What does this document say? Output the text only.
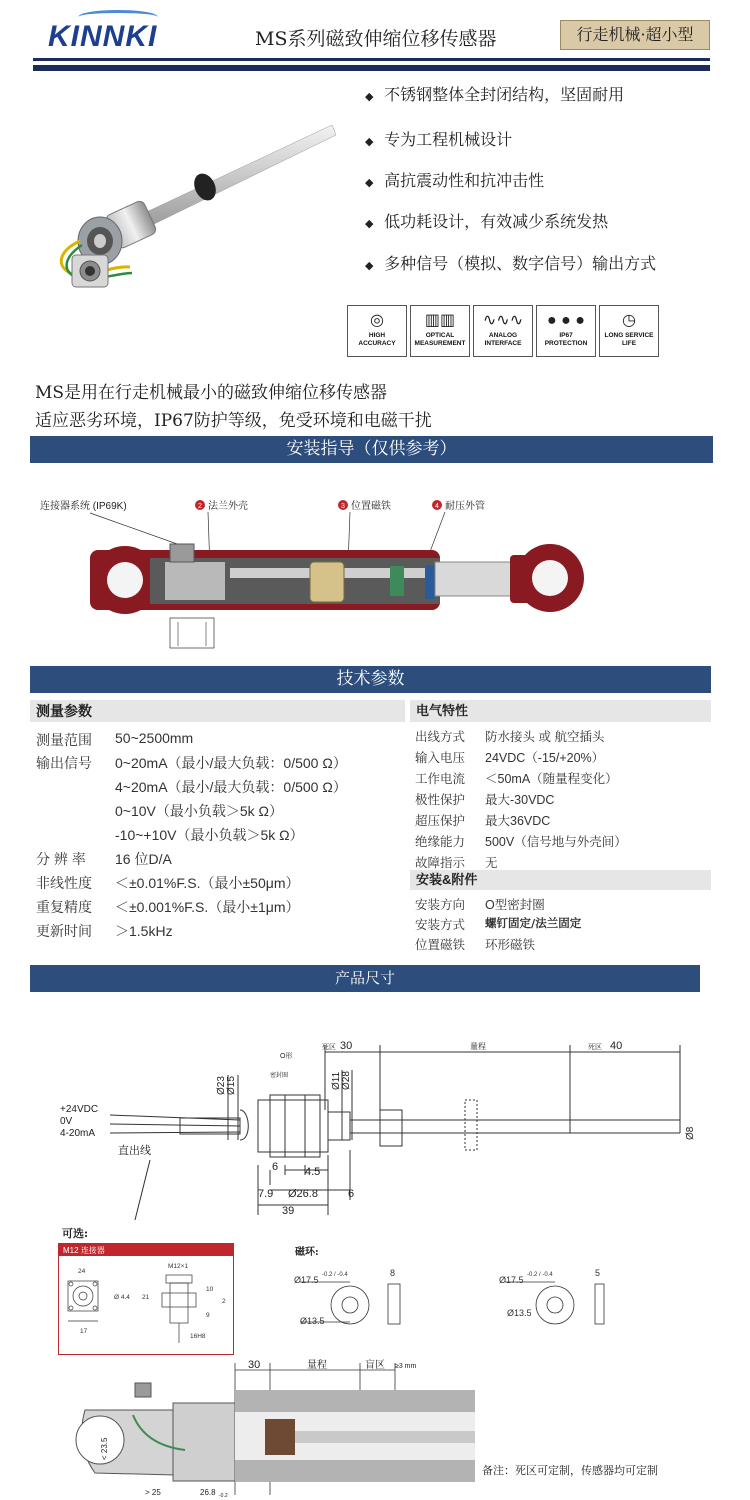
KINNKI	MS系列磁致伸缩位移传感器	行走机械·超小型
◆ 不锈钢整体全封闭结构，坚固耐用
◆ 专为工程机械设计
◆ 高抗震动性和抗冲击性
◆ 低功耗设计，有效减少系统发热
◆ 多种信号（模拟、数字信号）输出方式
◎
HIGH
ACCURACY
▥▥
OPTICAL
MEASUREMENT
∿∿∿
ANALOG
INTERFACE
● ● ●
IP67
PROTECTION
◷
LONG SERVICE
LIFE
MS是用在行走机械最小的磁致伸缩位移传感器
适应恶劣环境，IP67防护等级，免受环境和电磁干扰
安装指导（仅供参考）
连接器系统 (IP69K)	2 法兰外壳	3 位置磁铁	4 耐压外管
技术参数
测量参数
测量范围 50~2500mm
输出信号 0~20mA（最小/最大负载：0/500 Ω）
4~20mA（最小/最大负载：0/500 Ω）
0~10V（最小负载＞5k Ω）
-10~+10V（最小负载＞5k Ω）
分 辨 率 16 位D/A
非线性度 ＜±0.01%F.S.（最小±50μm）
重复精度 ＜±0.001%F.S.（最小±1μm）
更新时间 ＞1.5kHz
电气特性
出线方式 防水接头 或 航空插头
输入电压 24VDC（-15/+20%）
工作电流 ＜50mA（随量程变化）
极性保护 最大-30VDC
超压保护 最大36VDC
绝缘能力 500V（信号地与外壳间）
故障指示 无
安装&附件
安装方向 O型密封圈
安装方式 螺钉固定/法兰固定
位置磁铁 环形磁铁
产品尺寸
+24VDC
0V
4-20mA
直出线
30
死区	量程	40
死区
O形
密封圈
Ø23 Ø15	Ø11 Ø28
Ø8
6 4.5
7.9 Ø26.8	6
39
可选:
M12 连接器
24
Ø 4.4 21
17
M12×1
10
2
9
16H8
磁环:
Ø17.5 -0.2 / -0.4
Ø13.5
8
Ø17.5 -0.2 / -0.4
Ø13.5
5
30	量程	盲区 ≥3 mm
< 23.5
> 25	26.8 -0.2
备注：死区可定制，传感器均可定制
